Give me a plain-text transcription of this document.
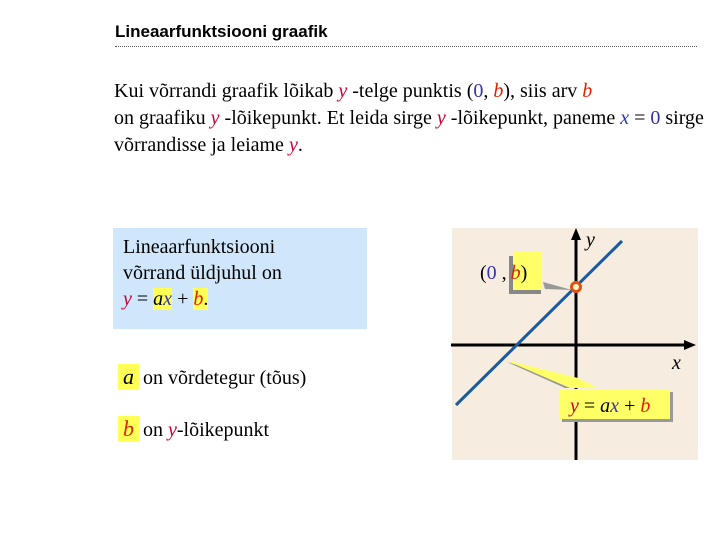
Lineaarfunktsiooni graafik
Kui võrrandi graafik lõikab y -telge punktis (0, b), siis arv b
on graafiku y -lõikepunkt. Et leida sirge y -lõikepunkt, paneme x = 0 sirge võrrandisse ja leiame y.
Lineaarfunktsiooni
võrrand üldjuhul on
y = ax + b.
a on võrdetegur (tõus)
b on y-lõikepunkt
y
x
(0 , b)
y = ax + b
